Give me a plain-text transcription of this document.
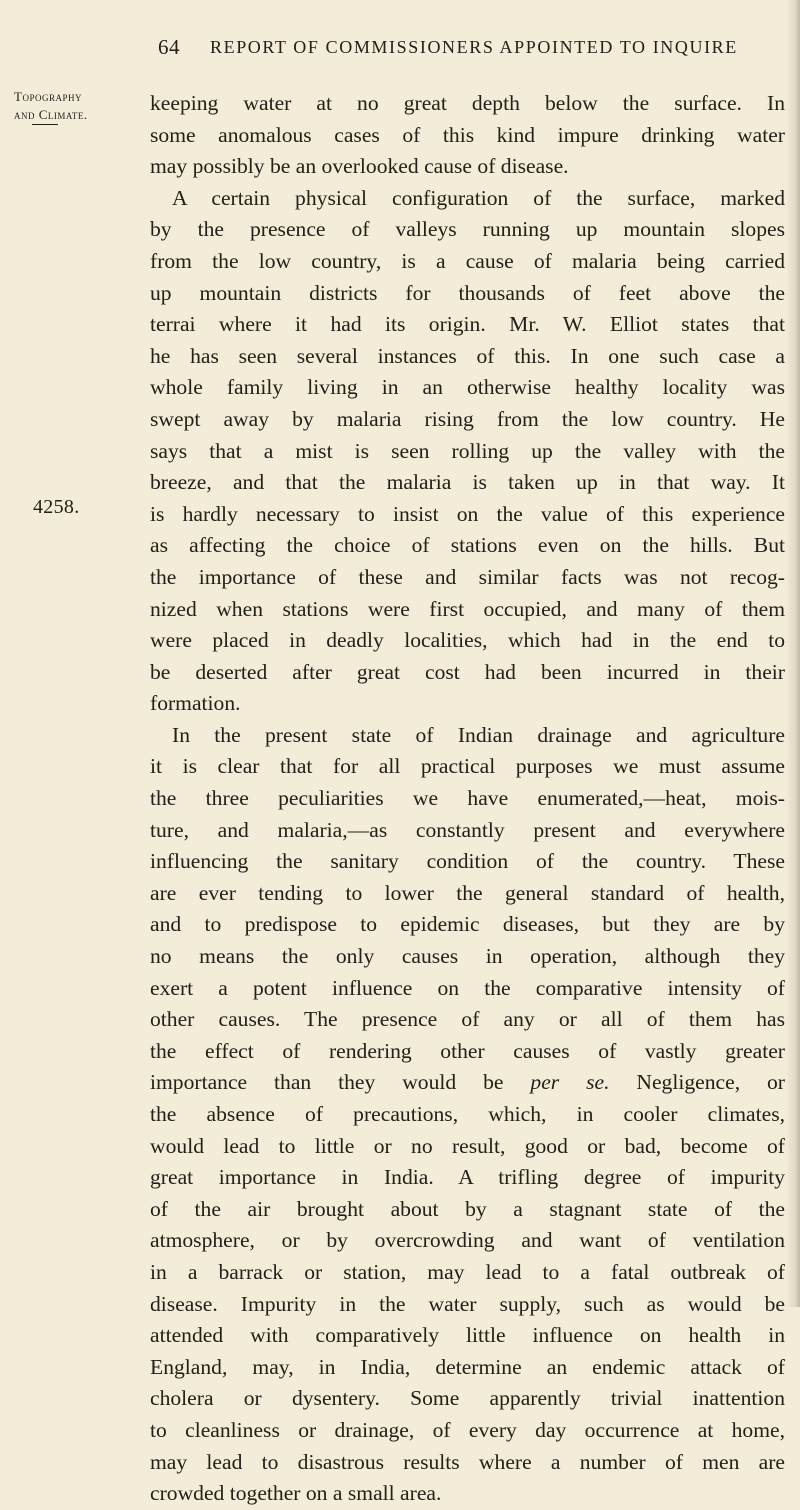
64 REPORT OF COMMISSIONERS APPOINTED TO INQUIRE
Topography
and Climate.
4258.
keeping water at no great depth below the surface. In
some anomalous cases of this kind impure drinking water
may possibly be an overlooked cause of disease.
A certain physical configuration of the surface, marked
by the presence of valleys running up mountain slopes
from the low country, is a cause of malaria being carried
up mountain districts for thousands of feet above the
terrai where it had its origin. Mr. W. Elliot states that
he has seen several instances of this. In one such case a
whole family living in an otherwise healthy locality was
swept away by malaria rising from the low country. He
says that a mist is seen rolling up the valley with the
breeze, and that the malaria is taken up in that way. It
is hardly necessary to insist on the value of this experience
as affecting the choice of stations even on the hills. But
the importance of these and similar facts was not recog-
nized when stations were first occupied, and many of them
were placed in deadly localities, which had in the end to
be deserted after great cost had been incurred in their
formation.
In the present state of Indian drainage and agriculture
it is clear that for all practical purposes we must assume
the three peculiarities we have enumerated,—heat, mois-
ture, and malaria,—as constantly present and everywhere
influencing the sanitary condition of the country. These
are ever tending to lower the general standard of health,
and to predispose to epidemic diseases, but they are by
no means the only causes in operation, although they
exert a potent influence on the comparative intensity of
other causes. The presence of any or all of them has
the effect of rendering other causes of vastly greater
importance than they would be per se. Negligence, or
the absence of precautions, which, in cooler climates,
would lead to little or no result, good or bad, become of
great importance in India. A trifling degree of impurity
of the air brought about by a stagnant state of the
atmosphere, or by overcrowding and want of ventilation
in a barrack or station, may lead to a fatal outbreak of
disease. Impurity in the water supply, such as would be
attended with comparatively little influence on health in
England, may, in India, determine an endemic attack of
cholera or dysentery. Some apparently trivial inattention
to cleanliness or drainage, of every day occurrence at home,
may lead to disastrous results where a number of men are
crowded together on a small area.
